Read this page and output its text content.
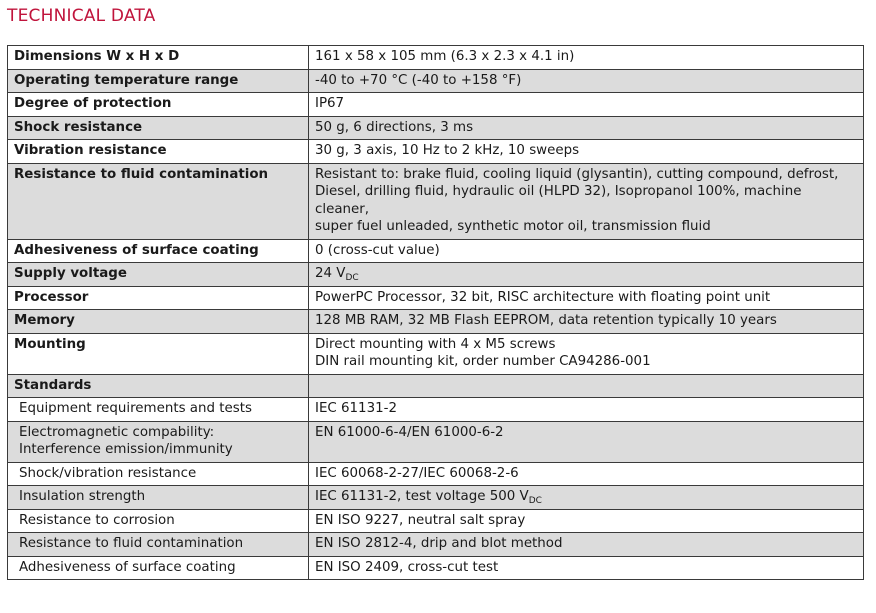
TECHNICAL DATA
Dimensions W x H x D	161 x 58 x 105 mm (6.3 x 2.3 x 4.1 in)
Operating temperature range	-40 to +70 °C (-40 to +158 °F)
Degree of protection	IP67
Shock resistance	50 g, 6 directions, 3 ms
Vibration resistance	30 g, 3 axis, 10 Hz to 2 kHz, 10 sweeps
Resistance to fluid contamination	Resistant to: brake fluid, cooling liquid (glysantin), cutting compound, defrost,
Diesel, drilling fluid, hydraulic oil (HLPD 32), Isopropanol 100%, machine cleaner,
super fuel unleaded, synthetic motor oil, transmission fluid

Adhesiveness of surface coating	0 (cross-cut value)
Supply voltage	24 $V_{DC}$
Processor	PowerPC Processor, 32 bit, RISC architecture with floating point unit
Memory	128 MB RAM, 32 MB Flash EEPROM, data retention typically 10 years
Mounting	Direct mounting with 4 x M5 screws
DIN rail mounting kit, order number CA94286-001

Standards	
Equipment requirements and tests	IEC 61131-2

Electromagnetic compability:
Interference emission/immunity	EN 61000-6-4/EN 61000-6-2
Shock/vibration resistance	IEC 60068-2-27/IEC 60068-2-6
Insulation strength	IEC 61131-2, test voltage 500 $V_{DC}$
Resistance to corrosion	EN ISO 9227, neutral salt spray
Resistance to fluid contamination	EN ISO 2812-4, drip and blot method
Adhesiveness of surface coating	EN ISO 2409, cross-cut test
